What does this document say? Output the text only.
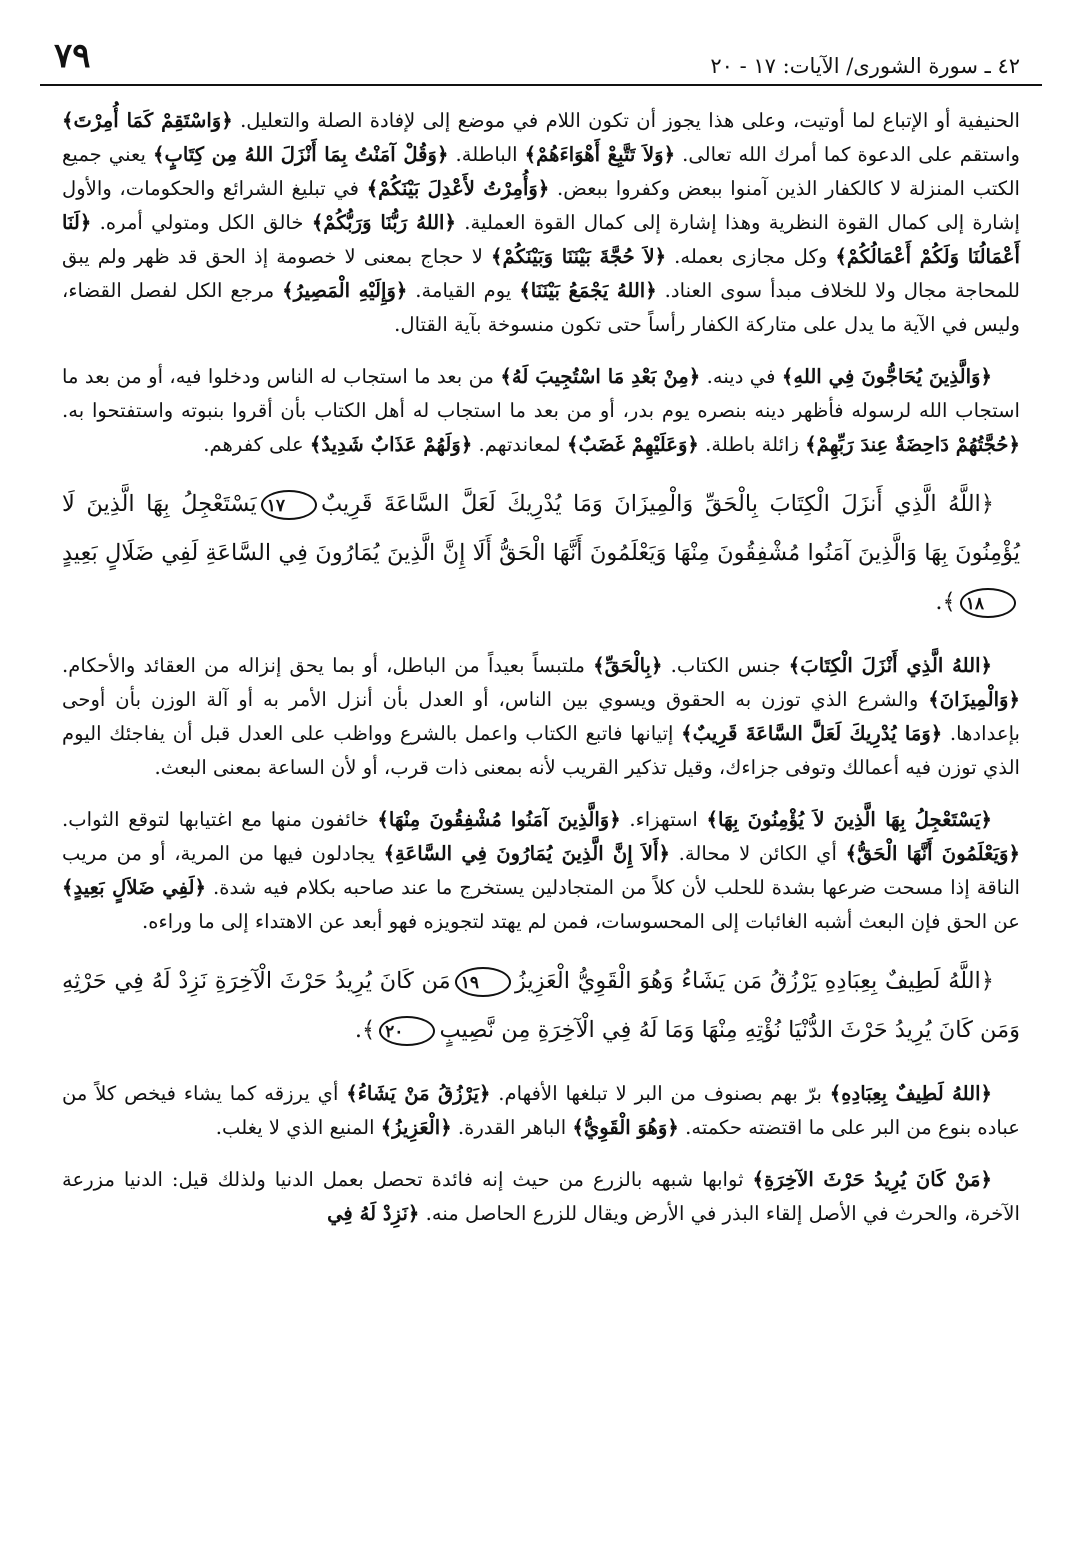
٧٩	٤٢ ـ سورة الشورى/ الآيات: ١٧ - ٢٠

الحنيفية أو الإتباع لما أوتيت، وعلى هذا يجوز أن تكون اللام في موضع إلى لإفادة الصلة والتعليل. ﴿وَاسْتَقِمْ كَمَا أُمِرْتَ﴾ واستقم على الدعوة كما أمرك الله تعالى. ﴿وَلاَ تَتَّبِعْ أَهْوَاءَهُمْ﴾ الباطلة. ﴿وَقُلْ آمَنْتُ بِمَا أَنْزَلَ اللهُ مِن كِتَابٍ﴾ يعني جميع الكتب المنزلة لا كالكفار الذين آمنوا ببعض وكفروا ببعض. ﴿وَأُمِرْتُ لأَعْدِلَ بَيْنَكُمْ﴾ في تبليغ الشرائع والحكومات، والأول إشارة إلى كمال القوة النظرية وهذا إشارة إلى كمال القوة العملية. ﴿اللهُ رَبُّنَا وَرَبُّكُمْ﴾ خالق الكل ومتولي أمره. ﴿لَنَا أَعْمَالُنَا وَلَكُمْ أَعْمَالُكُمْ﴾ وكل مجازى بعمله. ﴿لاَ حُجَّةَ بَيْنَنَا وَبَيْنَكُمْ﴾ لا حجاج بمعنى لا خصومة إذ الحق قد ظهر ولم يبق للمحاجة مجال ولا للخلاف مبدأ سوى العناد. ﴿اللهُ يَجْمَعُ بَيْنَنَا﴾ يوم القيامة. ﴿وَإِلَيْهِ الْمَصِيرُ﴾ مرجع الكل لفصل القضاء، وليس في الآية ما يدل على متاركة الكفار رأساً حتى تكون منسوخة بآية القتال.

﴿وَالَّذِينَ يُحَاجُّونَ فِي اللهِ﴾ في دينه. ﴿مِنْ بَعْدِ مَا اسْتُجِيبَ لَهُ﴾ من بعد ما استجاب له الناس ودخلوا فيه، أو من بعد ما استجاب الله لرسوله فأظهر دينه بنصره يوم بدر، أو من بعد ما استجاب له أهل الكتاب بأن أقروا بنبوته واستفتحوا به. ﴿حُجَّتُهُمْ دَاحِضَةٌ عِندَ رَبِّهِمْ﴾ زائلة باطلة. ﴿وَعَلَيْهِمْ غَضَبٌ﴾ لمعاندتهم. ﴿وَلَهُمْ عَذَابٌ شَدِيدٌ﴾ على كفرهم.

﴿اللَّهُ الَّذِي أَنزَلَ الْكِتَابَ بِالْحَقِّ وَالْمِيزَانَ وَمَا يُدْرِيكَ لَعَلَّ السَّاعَةَ قَرِيبٌ١٧يَسْتَعْجِلُ بِهَا الَّذِينَ لَا يُؤْمِنُونَ بِهَا وَالَّذِينَ آمَنُوا مُشْفِقُونَ مِنْهَا وَيَعْلَمُونَ أَنَّهَا الْحَقُّ أَلَا إِنَّ الَّذِينَ يُمَارُونَ فِي السَّاعَةِ لَفِي ضَلَالٍ بَعِيدٍ١٨﴾.

﴿اللهُ الَّذِي أَنْزَلَ الْكِتَابَ﴾ جنس الكتاب. ﴿بِالْحَقِّ﴾ ملتبساً بعيداً من الباطل، أو بما يحق إنزاله من العقائد والأحكام. ﴿وَالْمِيزَانَ﴾ والشرع الذي توزن به الحقوق ويسوي بين الناس، أو العدل بأن أنزل الأمر به أو آلة الوزن بأن أوحى بإعدادها. ﴿وَمَا يُدْرِيكَ لَعَلَّ السَّاعَةَ قَرِيبٌ﴾ إتيانها فاتبع الكتاب واعمل بالشرع وواظب على العدل قبل أن يفاجئك اليوم الذي توزن فيه أعمالك وتوفى جزاءك، وقيل تذكير القريب لأنه بمعنى ذات قرب، أو لأن الساعة بمعنى البعث.

﴿يَسْتَعْجِلُ بِهَا الَّذِينَ لاَ يُؤْمِنُونَ بِهَا﴾ استهزاء. ﴿وَالَّذِينَ آمَنُوا مُشْفِقُونَ مِنْهَا﴾ خائفون منها مع اغتيابها لتوقع الثواب. ﴿وَيَعْلَمُونَ أَنَّهَا الْحَقُّ﴾ أي الكائن لا محالة. ﴿أَلاَ إِنَّ الَّذِينَ يُمَارُونَ فِي السَّاعَةِ﴾ يجادلون فيها من المرية، أو من مريب الناقة إذا مسحت ضرعها بشدة للحلب لأن كلاً من المتجادلين يستخرج ما عند صاحبه بكلام فيه شدة. ﴿لَفِي ضَلاَلٍ بَعِيدٍ﴾ عن الحق فإن البعث أشبه الغائبات إلى المحسوسات، فمن لم يهتد لتجويزه فهو أبعد عن الاهتداء إلى ما وراءه.

﴿اللَّهُ لَطِيفٌ بِعِبَادِهِ يَرْزُقُ مَن يَشَاءُ وَهُوَ الْقَوِيُّ الْعَزِيزُ١٩مَن كَانَ يُرِيدُ حَرْثَ الْآخِرَةِ نَزِدْ لَهُ فِي حَرْثِهِ وَمَن كَانَ يُرِيدُ حَرْثَ الدُّنْيَا نُؤْتِهِ مِنْهَا وَمَا لَهُ فِي الْآخِرَةِ مِن نَّصِيبٍ٢٠﴾.

﴿اللهُ لَطِيفٌ بِعِبَادِهِ﴾ برّ بهم بصنوف من البر لا تبلغها الأفهام. ﴿يَرْزُقُ مَنْ يَشَاءُ﴾ أي يرزقه كما يشاء فيخص كلاً من عباده بنوع من البر على ما اقتضته حكمته. ﴿وَهُوَ الْقَوِيُّ﴾ الباهر القدرة. ﴿الْعَزِيزُ﴾ المنيع الذي لا يغلب.

﴿مَنْ كَانَ يُرِيدُ حَرْثَ الآخِرَةِ﴾ ثوابها شبهه بالزرع من حيث إنه فائدة تحصل بعمل الدنيا ولذلك قيل: الدنيا مزرعة الآخرة، والحرث في الأصل إلقاء البذر في الأرض ويقال للزرع الحاصل منه. ﴿نَزِدْ لَهُ فِي
